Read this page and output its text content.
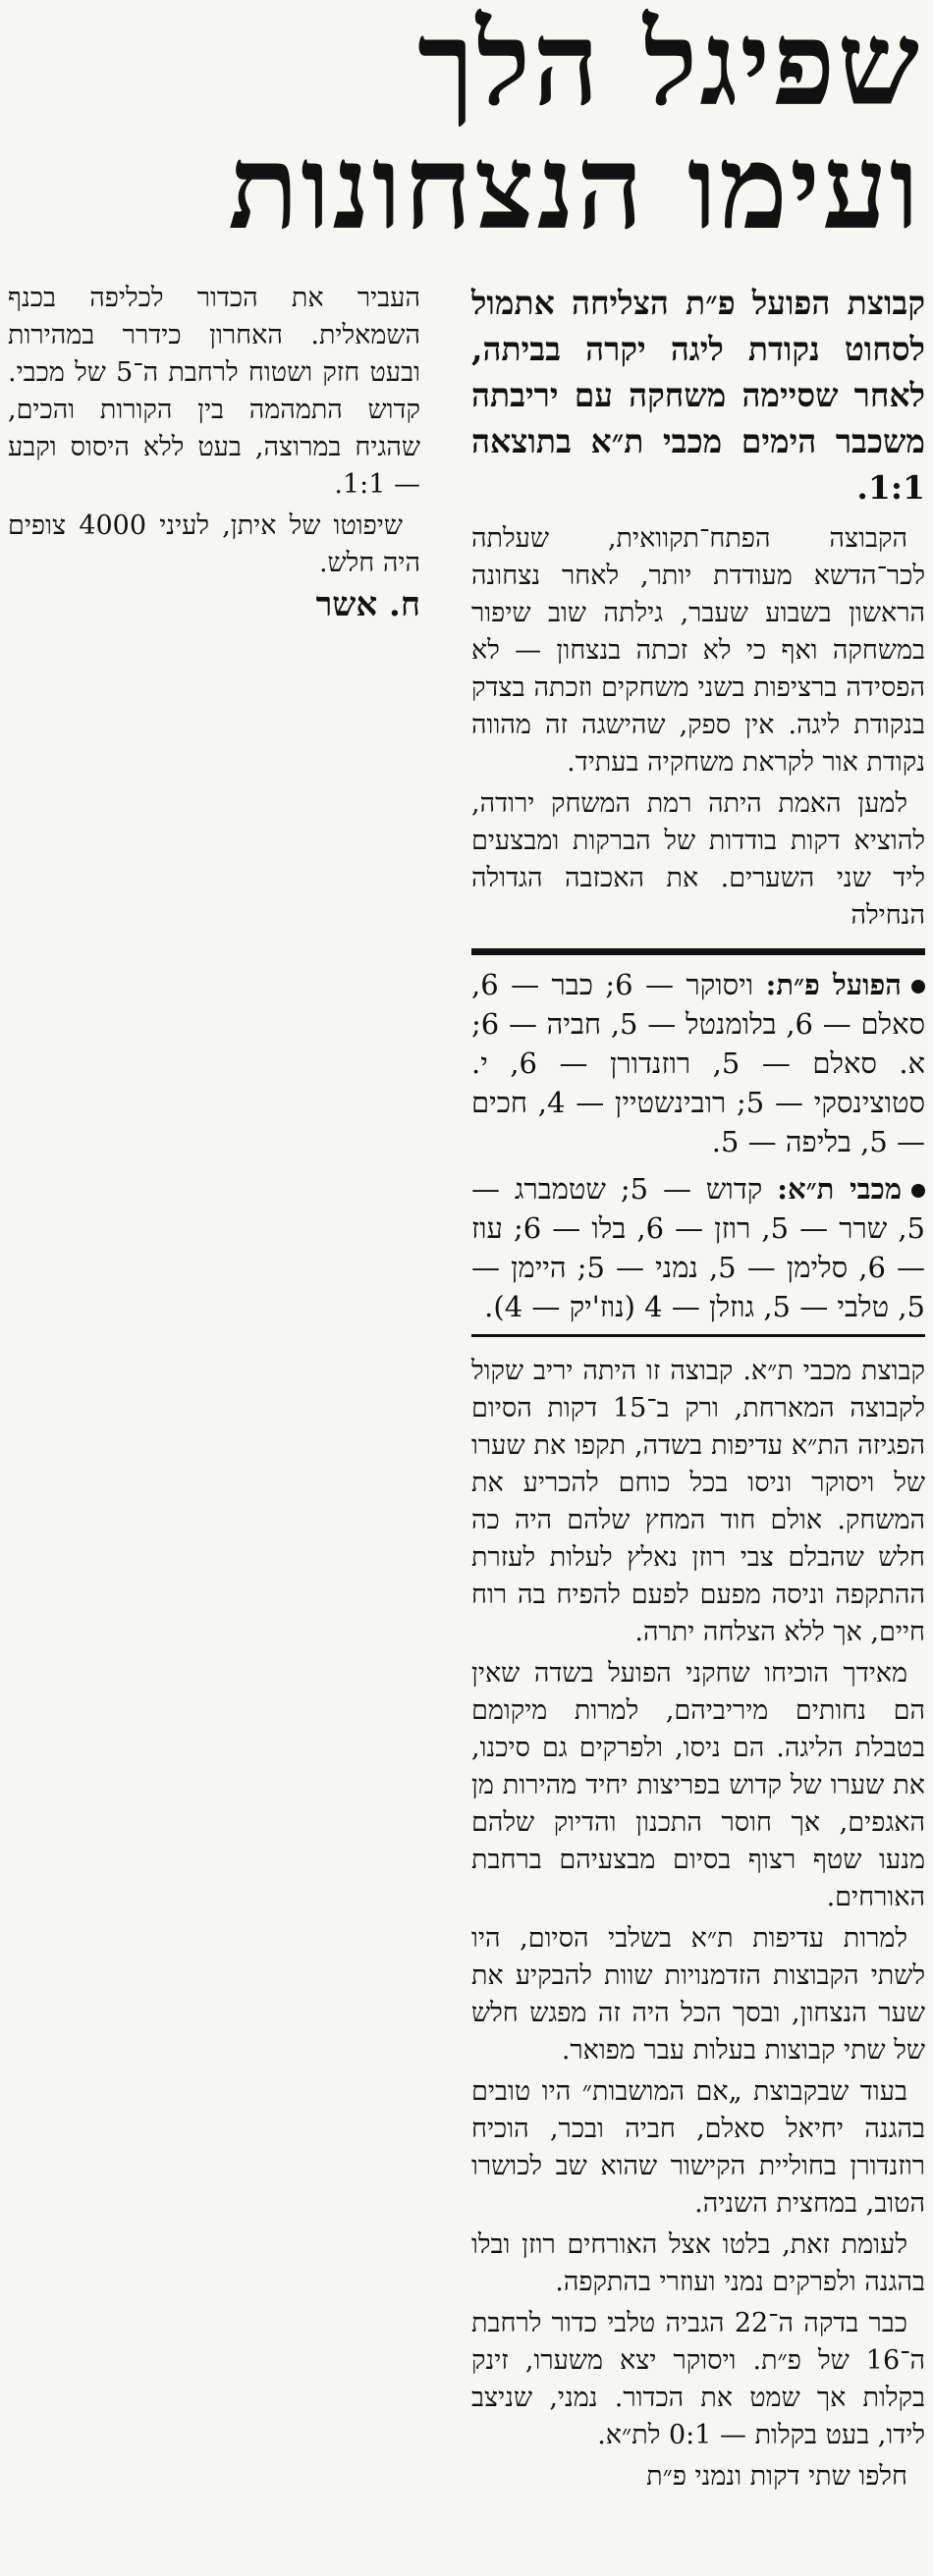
שפיגל הלך
ועימו הנצחונות

קבוצת הפועל פ״ת הצליחה אתמול לסחוט נקודת ליגה יקרה בביתה, לאחר שסיימה משחקה עם יריבתה משכבר הימים מכבי ת״א בתוצאה 1:1.

הקבוצה הפתח־תקוואית, שעלתה לכר־הדשא מעודדת יותר, לאחר נצחונה הראשון בשבוע שעבר, גילתה שוב שיפור במשחקה ואף כי לא זכתה בנצחון — לא הפסידה ברציפות בשני משחקים וזכתה בצדק בנקודת ליגה. אין ספק, שהישגה זה מהווה נקודת אור לקראת משחקיה בעתיד.

למען האמת היתה רמת המשחק ירודה, להוציא דקות בודדות של הברקות ומבצעים ליד שני השערים. את האכזבה הגדולה הנחילה

הפועל פ״ת: ויסוקר — 6; כבר — 6, סאלם — 6, בלומנטל — 5, חביה — 6; א. סאלם — 5, רוזנדורן — 6, י. סטוצינסקי — 5; רובינשטיין — 4, חכים — 5, בליפה — 5.

מכבי ת״א: קדוש — 5; שטמברג — 5, שרר — 5, רוזן — 6, בלו — 6; עוז — 6, סלימן — 5, נמני — 5; היימן — 5, טלבי — 5, גוזלן — 4 (נוז'יק — 4).

קבוצת מכבי ת״א. קבוצה זו היתה יריב שקול לקבוצה המארחת, ורק ב־15 דקות הסיום הפגיזה הת״א עדיפות בשדה, תקפו את שערו של ויסוקר וניסו בכל כוחם להכריע את המשחק. אולם חוד המחץ שלהם היה כה חלש שהבלם צבי רוזן נאלץ לעלות לעזרת ההתקפה וניסה מפעם לפעם להפיח בה רוח חיים, אך ללא הצלחה יתרה.

מאידך הוכיחו שחקני הפועל בשדה שאין הם נחותים מיריביהם, למרות מיקומם בטבלת הליגה. הם ניסו, ולפרקים גם סיכנו, את שערו של קדוש בפריצות יחיד מהירות מן האגפים, אך חוסר התכנון והדיוק שלהם מנעו שטף רצוף בסיום מבצעיהם ברחבת האורחים.

למרות עדיפות ת״א בשלבי הסיום, היו לשתי הקבוצות הזדמנויות שוות להבקיע את שער הנצחון, ובסך הכל היה זה מפגש חלש של שתי קבוצות בעלות עבר מפואר.

בעוד שבקבוצת „אם המושבות״ היו טובים בהגנה יחיאל סאלם, חביה ובכר, הוכיח רוזנדורן בחוליית הקישור שהוא שב לכושרו הטוב, במחצית השניה.

לעומת זאת, בלטו אצל האורחים רוזן ובלו בהגנה ולפרקים נמני ועוזרי בהתקפה.

כבר בדקה ה־22 הגביה טלבי כדור לרחבת ה־16 של פ״ת. ויסוקר יצא משערו, זינק בקלות אך שמט את הכדור. נמני, שניצב לידו, בעט בקלות — 0:1 לת״א.

חלפו שתי דקות ונמני פ״ת

העביר את הכדור לכליפה בכנף השמאלית. האחרון כידרר במהירות ובעט חזק ושטוח לרחבת ה־5 של מכבי. קדוש התמהמה בין הקורות והכים, שהגיח במרוצה, בעט ללא היסוס וקבע — 1:1.

שיפוטו של איתן, לעיני 4000 צופים היה חלש.

ח. אשר
